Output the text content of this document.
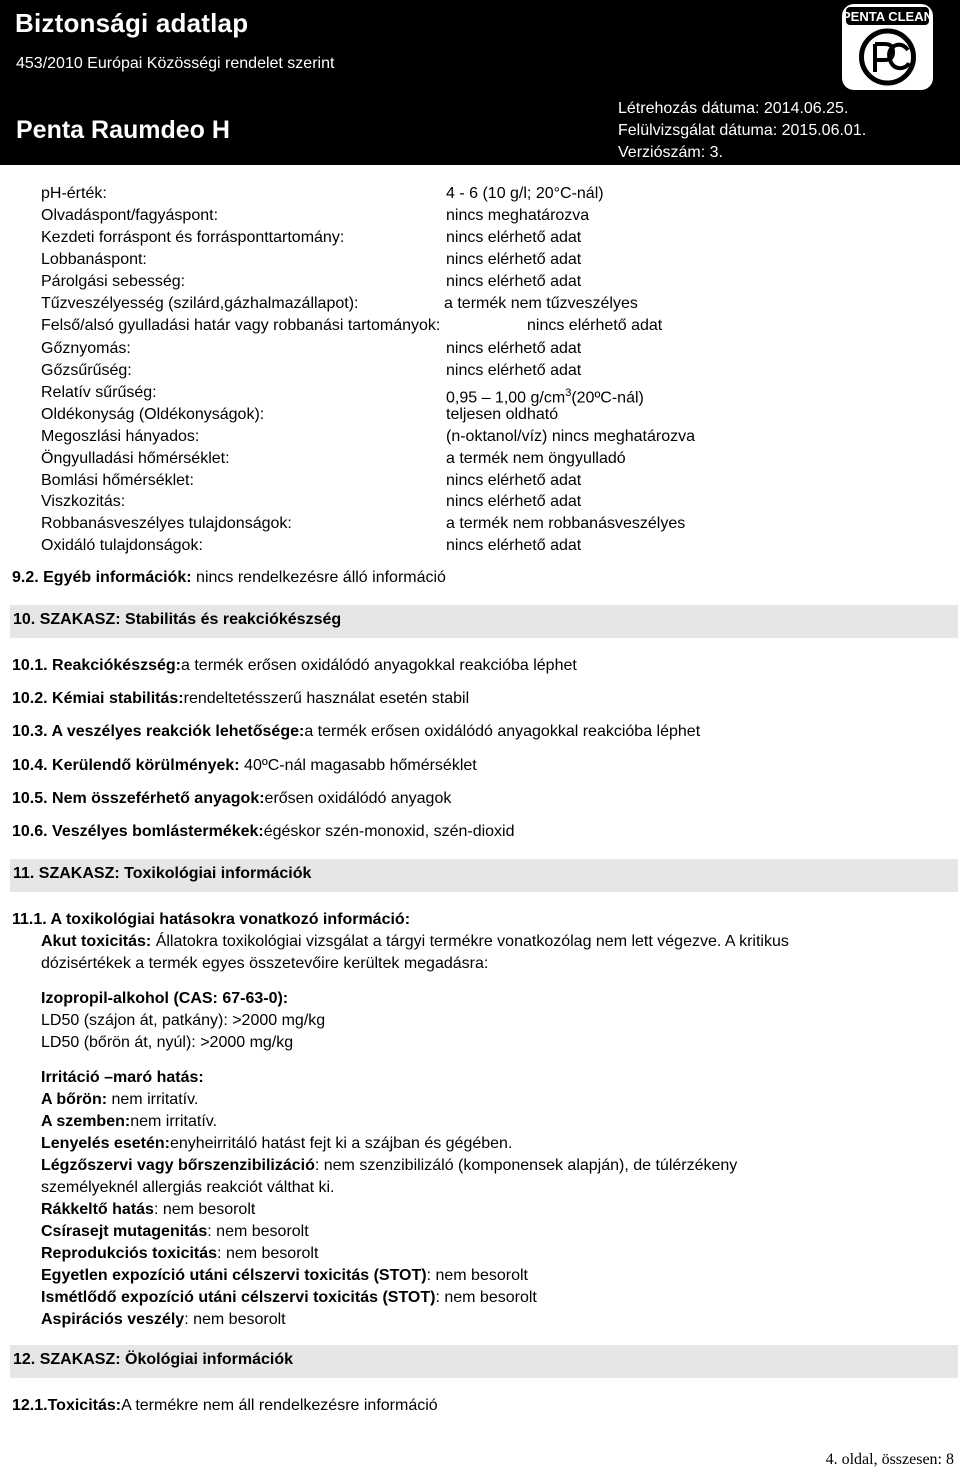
Biztonsági adatlap
453/2010 Európai Közösségi rendelet szerint
Penta Raumdeo H
Létrehozás dátuma: 2014.06.25.
Felülvizsgálat dátuma: 2015.06.01.
Verziószám: 3.
PENTA CLEAN
pH-érték:	4 - 6 (10 g/l; 20°C-nál)
Olvadáspont/fagyáspont:	nincs meghatározva
Kezdeti forráspont és forrásponttartomány:	nincs elérhető adat
Lobbanáspont:	nincs elérhető adat
Párolgási sebesség:	nincs elérhető adat
Tűzveszélyesség (szilárd,gázhalmazállapot):	a termék nem tűzveszélyes
Felső/alsó gyulladási határ vagy robbanási tartományok:	nincs elérhető adat
Gőznyomás:	nincs elérhető adat
Gőzsűrűség:	nincs elérhető adat
Relatív sűrűség:	0,95 – 1,00 $g/cm^3(20ºC-nál)$
Oldékonyság (Oldékonyságok):	teljesen oldható
Megoszlási hányados:	(n-oktanol/víz) nincs meghatározva
Öngyulladási hőmérséklet:	a termék nem öngyulladó
Bomlási hőmérséklet:	nincs elérhető adat
Viszkozitás:	nincs elérhető adat
Robbanásveszélyes tulajdonságok:	a termék nem robbanásveszélyes
Oxidáló tulajdonságok:	nincs elérhető adat
9.2. Egyéb információk: nincs rendelkezésre álló információ
10. SZAKASZ: Stabilitás és reakciókészség
10.1. Reakciókészség:a termék erősen oxidálódó anyagokkal reakcióba léphet
10.2. Kémiai stabilitás:rendeltetésszerű használat esetén stabil
10.3. A veszélyes reakciók lehetősége:a termék erősen oxidálódó anyagokkal reakcióba léphet
10.4. Kerülendő körülmények: 40ºC-nál magasabb hőmérséklet
10.5. Nem összeférhető anyagok:erősen oxidálódó anyagok
10.6. Veszélyes bomlástermékek:égéskor szén-monoxid, szén-dioxid
11. SZAKASZ: Toxikológiai információk
11.1. A toxikológiai hatásokra vonatkozó információ:
Akut toxicitás: Állatokra toxikológiai vizsgálat a tárgyi termékre vonatkozólag nem lett végezve. A kritikus
dózisértékek a termék egyes összetevőire kerültek megadásra:
Izopropil-alkohol (CAS: 67-63-0):
LD50 (szájon át, patkány): >2000 mg/kg
LD50 (bőrön át, nyúl): >2000 mg/kg
Irritáció –maró hatás:
A bőrön: nem irritatív.
A szemben:nem irritatív.
Lenyelés esetén:enyheirritáló hatást fejt ki a szájban és gégében.
Légzőszervi vagy bőrszenzibilizáció: nem szenzibilizáló (komponensek alapján), de túlérzékeny
személyeknél allergiás reakciót válthat ki.
Rákkeltő hatás: nem besorolt
Csírasejt mutagenitás: nem besorolt
Reprodukciós toxicitás: nem besorolt
Egyetlen expozíció utáni célszervi toxicitás (STOT): nem besorolt
Ismétlődő expozíció utáni célszervi toxicitás (STOT): nem besorolt
Aspirációs veszély: nem besorolt
12. SZAKASZ: Ökológiai információk
12.1.Toxicitás:A termékre nem áll rendelkezésre információ
4. oldal, összesen: 8
